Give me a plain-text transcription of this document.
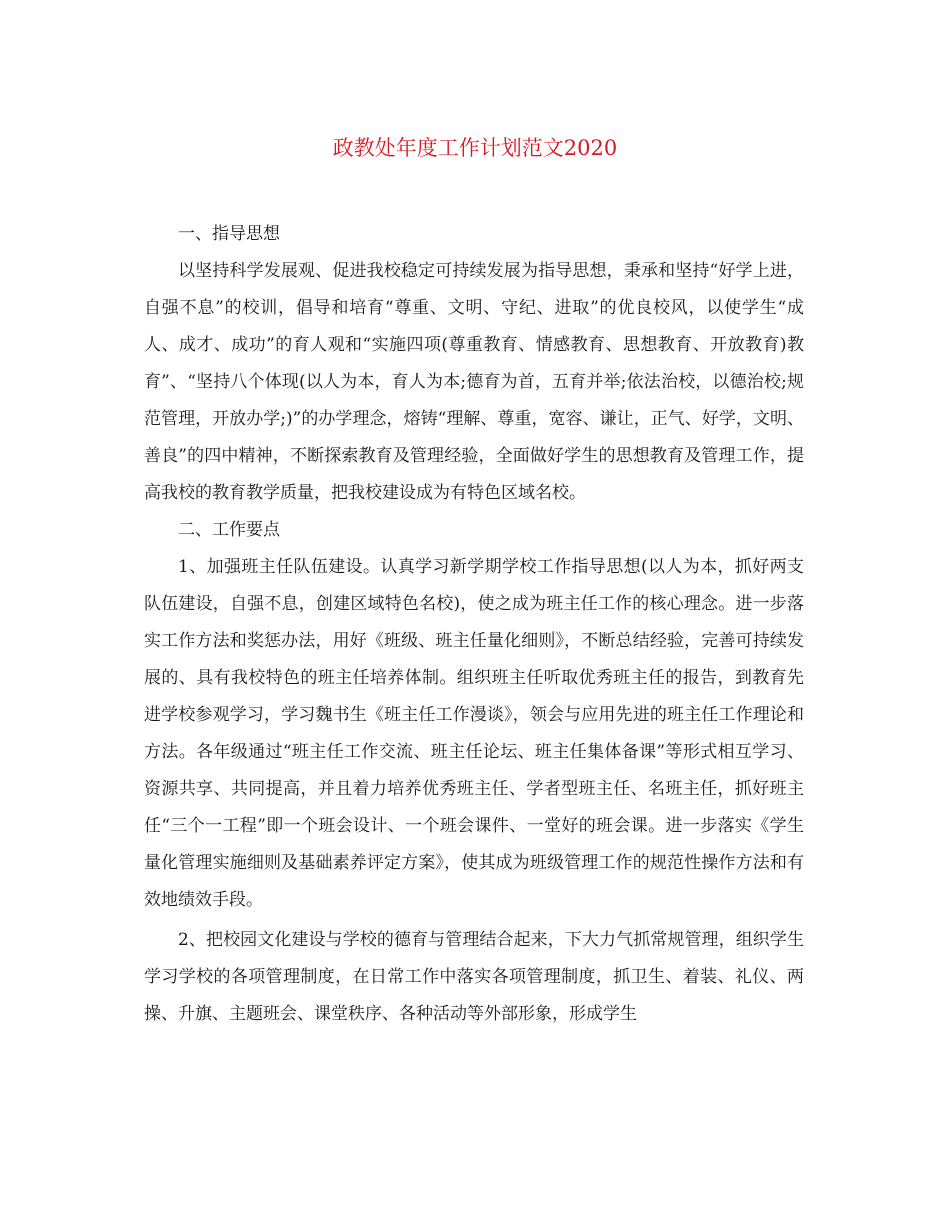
政教处年度工作计划范文2020

一、指导思想

以坚持科学发展观、促进我校稳定可持续发展为指导思想，秉承和坚持“好学上进，自强不息”的校训，倡导和培育“尊重、文明、守纪、进取”的优良校风，以使学生“成人、成才、成功”的育人观和“实施四项(尊重教育、情感教育、思想教育、开放教育)教育”、“坚持八个体现(以人为本，育人为本;德育为首，五育并举;依法治校，以德治校;规范管理，开放办学;)”的办学理念，熔铸“理解、尊重，宽容、谦让，正气、好学，文明、善良”的四中精神，不断探索教育及管理经验，全面做好学生的思想教育及管理工作，提高我校的教育教学质量，把我校建设成为有特色区域名校。

二、工作要点

1、加强班主任队伍建设。认真学习新学期学校工作指导思想(以人为本，抓好两支队伍建设，自强不息，创建区域特色名校)，使之成为班主任工作的核心理念。进一步落实工作方法和奖惩办法，用好《班级、班主任量化细则》，不断总结经验，完善可持续发展的、具有我校特色的班主任培养体制。组织班主任听取优秀班主任的报告，到教育先进学校参观学习，学习魏书生《班主任工作漫谈》，领会与应用先进的班主任工作理论和方法。各年级通过“班主任工作交流、班主任论坛、班主任集体备课”等形式相互学习、资源共享、共同提高，并且着力培养优秀班主任、学者型班主任、名班主任，抓好班主任“三个一工程”即一个班会设计、一个班会课件、一堂好的班会课。进一步落实《学生量化管理实施细则及基础素养评定方案》，使其成为班级管理工作的规范性操作方法和有效地绩效手段。

2、把校园文化建设与学校的德育与管理结合起来，下大力气抓常规管理，组织学生学习学校的各项管理制度，在日常工作中落实各项管理制度，抓卫生、着装、礼仪、两操、升旗、主题班会、课堂秩序、各种活动等外部形象，形成学生
